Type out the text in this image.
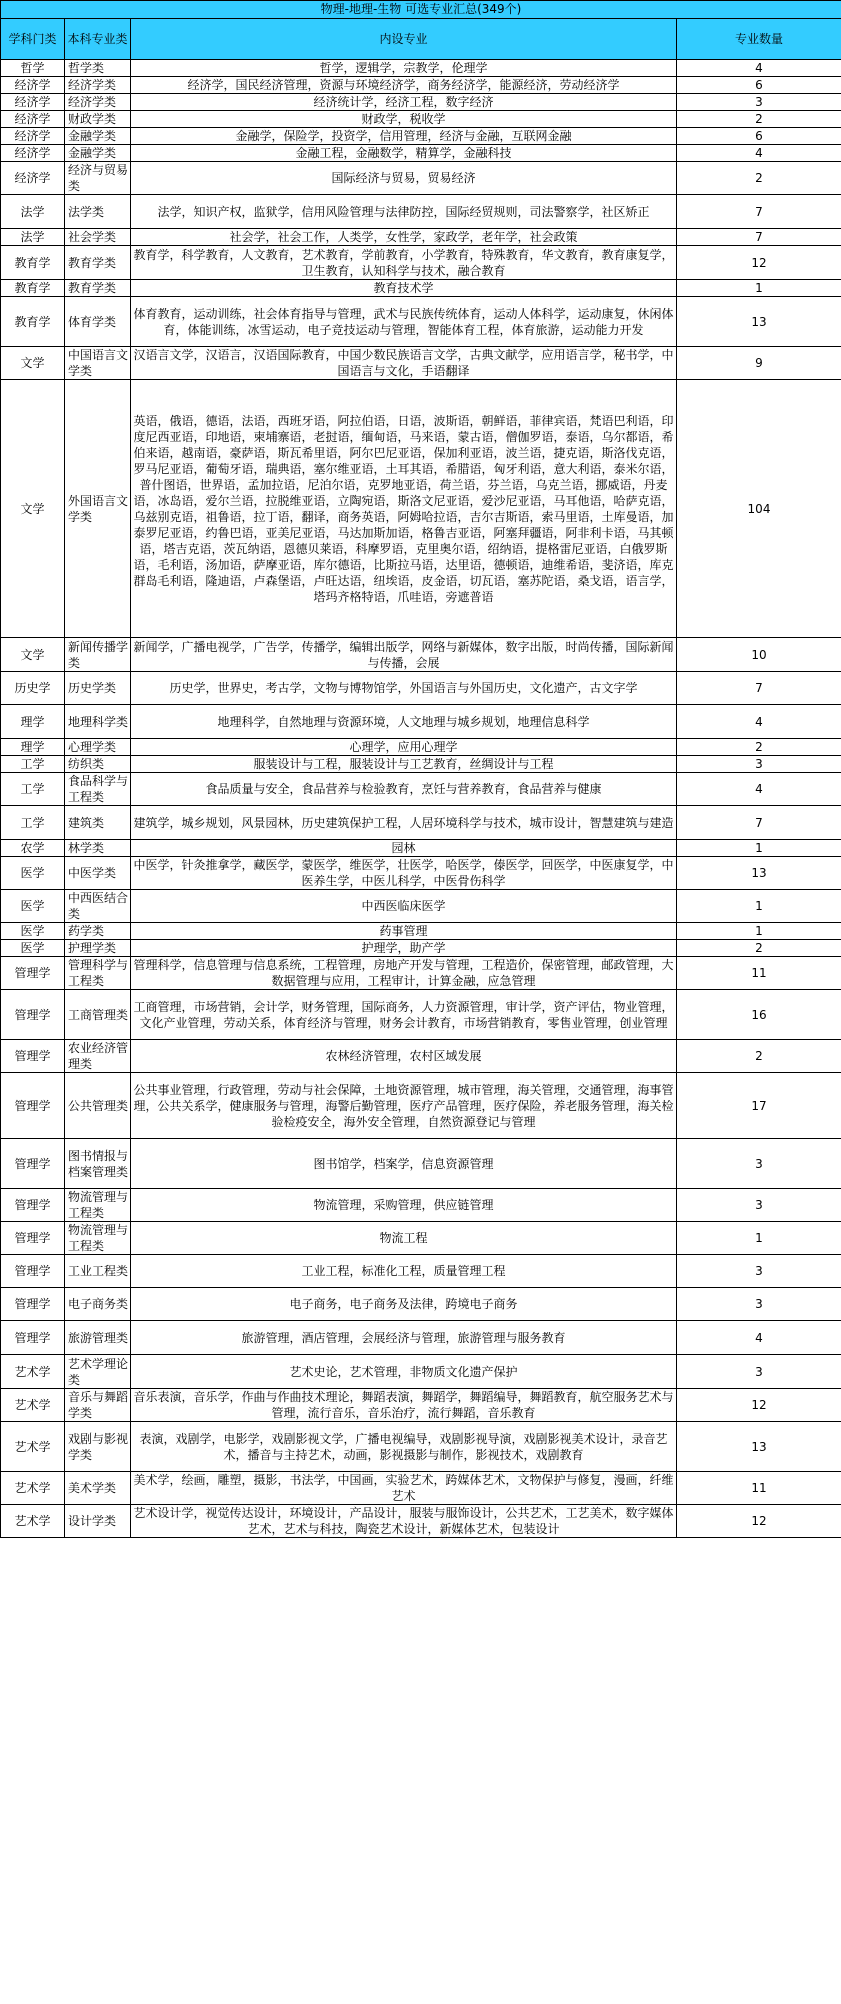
物理-地理-生物 可选专业汇总(349个)			
学科门类	本科专业类	内设专业	专业数量
哲学	哲学类	哲学，逻辑学，宗教学，伦理学	4
经济学	经济学类	经济学，国民经济管理，资源与环境经济学，商务经济学，能源经济，劳动经济学	6
经济学	经济学类	经济统计学，经济工程，数字经济	3
经济学	财政学类	财政学，税收学	2
经济学	金融学类	金融学，保险学，投资学，信用管理，经济与金融，互联网金融	6
经济学	金融学类	金融工程，金融数学，精算学，金融科技	4
经济学	经济与贸易类	国际经济与贸易，贸易经济	2
法学	法学类	法学，知识产权，监狱学，信用风险管理与法律防控，国际经贸规则，司法警察学，社区矫正	7
法学	社会学类	社会学，社会工作，人类学，女性学，家政学，老年学，社会政策	7
教育学	教育学类	教育学，科学教育，人文教育，艺术教育，学前教育，小学教育，特殊教育，华文教育，教育康复学，卫生教育，认知科学与技术，融合教育	12
教育学	教育学类	教育技术学	1
教育学	体育学类	体育教育，运动训练，社会体育指导与管理，武术与民族传统体育，运动人体科学，运动康复，休闲体育，体能训练，冰雪运动，电子竞技运动与管理，智能体育工程，体育旅游，运动能力开发	13
文学	中国语言文学类	汉语言文学，汉语言，汉语国际教育，中国少数民族语言文学，古典文献学，应用语言学，秘书学，中国语言与文化，手语翻译	9
文学	外国语言文学类	英语，俄语，德语，法语，西班牙语，阿拉伯语，日语，波斯语，朝鲜语，菲律宾语，梵语巴利语，印度尼西亚语，印地语，柬埔寨语，老挝语，缅甸语，马来语，蒙古语，僧伽罗语，泰语，乌尔都语，希伯来语，越南语，豪萨语，斯瓦希里语，阿尔巴尼亚语，保加利亚语，波兰语，捷克语，斯洛伐克语，罗马尼亚语，葡萄牙语，瑞典语，塞尔维亚语，土耳其语，希腊语，匈牙利语，意大利语，泰米尔语，普什图语，世界语，孟加拉语，尼泊尔语，克罗地亚语，荷兰语，芬兰语，乌克兰语，挪威语，丹麦语，冰岛语，爱尔兰语，拉脱维亚语，立陶宛语，斯洛文尼亚语，爱沙尼亚语，马耳他语，哈萨克语，乌兹别克语，祖鲁语，拉丁语，翻译，商务英语，阿姆哈拉语，吉尔吉斯语，索马里语，土库曼语，加泰罗尼亚语，约鲁巴语，亚美尼亚语，马达加斯加语，格鲁吉亚语，阿塞拜疆语，阿非利卡语，马其顿语，塔吉克语，茨瓦纳语，恩德贝莱语，科摩罗语，克里奥尔语，绍纳语，提格雷尼亚语，白俄罗斯语，毛利语，汤加语，萨摩亚语，库尔德语，比斯拉马语，达里语，德顿语，迪维希语，斐济语，库克群岛毛利语，隆迪语，卢森堡语，卢旺达语，纽埃语，皮金语，切瓦语，塞苏陀语，桑戈语，语言学，塔玛齐格特语，爪哇语，旁遮普语	104
文学	新闻传播学类	新闻学，广播电视学，广告学，传播学，编辑出版学，网络与新媒体，数字出版，时尚传播，国际新闻与传播，会展	10
历史学	历史学类	历史学，世界史，考古学，文物与博物馆学，外国语言与外国历史，文化遗产，古文字学	7
理学	地理科学类	地理科学，自然地理与资源环境，人文地理与城乡规划，地理信息科学	4
理学	心理学类	心理学，应用心理学	2
工学	纺织类	服装设计与工程，服装设计与工艺教育，丝绸设计与工程	3
工学	食品科学与工程类	食品质量与安全，食品营养与检验教育，烹饪与营养教育，食品营养与健康	4
工学	建筑类	建筑学，城乡规划，风景园林，历史建筑保护工程，人居环境科学与技术，城市设计，智慧建筑与建造	7
农学	林学类	园林	1
医学	中医学类	中医学，针灸推拿学，藏医学，蒙医学，维医学，壮医学，哈医学，傣医学，回医学，中医康复学，中医养生学，中医儿科学，中医骨伤科学	13
医学	中西医结合类	中西医临床医学	1
医学	药学类	药事管理	1
医学	护理学类	护理学，助产学	2
管理学	管理科学与工程类	管理科学，信息管理与信息系统，工程管理，房地产开发与管理，工程造价，保密管理，邮政管理，大数据管理与应用，工程审计，计算金融，应急管理	11
管理学	工商管理类	工商管理，市场营销，会计学，财务管理，国际商务，人力资源管理，审计学，资产评估，物业管理，文化产业管理，劳动关系，体育经济与管理，财务会计教育，市场营销教育，零售业管理，创业管理	16
管理学	农业经济管理类	农林经济管理，农村区域发展	2
管理学	公共管理类	公共事业管理，行政管理，劳动与社会保障，土地资源管理，城市管理，海关管理，交通管理，海事管理，公共关系学，健康服务与管理，海警后勤管理，医疗产品管理，医疗保险，养老服务管理，海关检验检疫安全，海外安全管理，自然资源登记与管理	17
管理学	图书情报与档案管理类	图书馆学，档案学，信息资源管理	3
管理学	物流管理与工程类	物流管理，采购管理，供应链管理	3
管理学	物流管理与工程类	物流工程	1
管理学	工业工程类	工业工程，标准化工程，质量管理工程	3
管理学	电子商务类	电子商务，电子商务及法律，跨境电子商务	3
管理学	旅游管理类	旅游管理，酒店管理，会展经济与管理，旅游管理与服务教育	4
艺术学	艺术学理论类	艺术史论，艺术管理，非物质文化遗产保护	3
艺术学	音乐与舞蹈学类	音乐表演，音乐学，作曲与作曲技术理论，舞蹈表演，舞蹈学，舞蹈编导，舞蹈教育，航空服务艺术与管理，流行音乐，音乐治疗，流行舞蹈，音乐教育	12
艺术学	戏剧与影视学类	表演，戏剧学，电影学，戏剧影视文学，广播电视编导，戏剧影视导演，戏剧影视美术设计，录音艺术，播音与主持艺术，动画，影视摄影与制作，影视技术，戏剧教育	13
艺术学	美术学类	美术学，绘画，雕塑，摄影，书法学，中国画，实验艺术，跨媒体艺术，文物保护与修复，漫画，纤维艺术	11
艺术学	设计学类	艺术设计学，视觉传达设计，环境设计，产品设计，服装与服饰设计，公共艺术，工艺美术，数字媒体艺术，艺术与科技，陶瓷艺术设计，新媒体艺术，包装设计	12
